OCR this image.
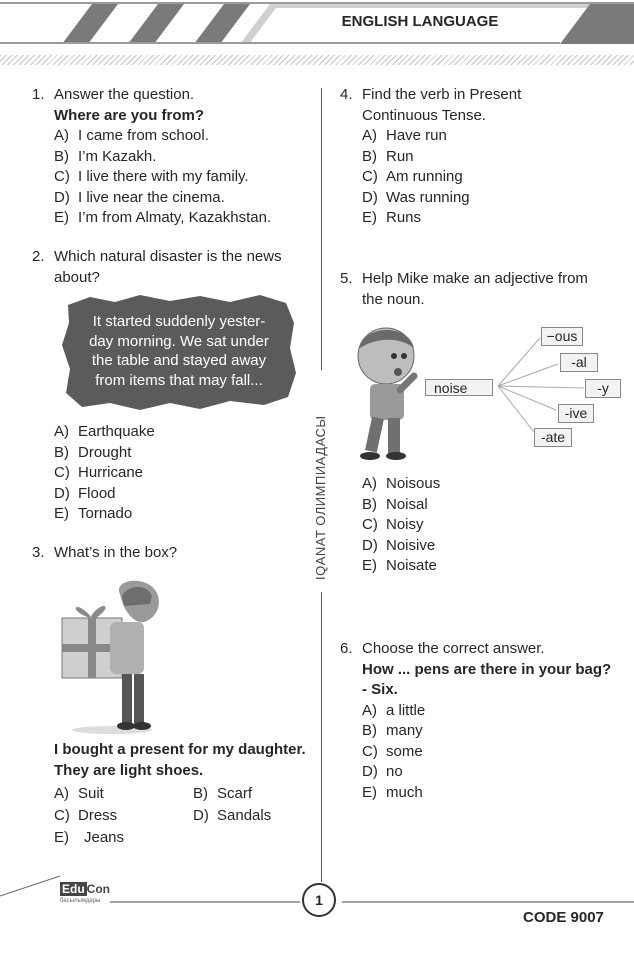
ENGLISH LANGUAGE
IQANAT ОЛИМПИАДАСЫ
1. Answer the question.
Where are you from?
A) I came from school.
B) I’m Kazakh.
C) I live there with my family.
D) I live near the cinema.
E) I’m from Almaty, Kazakhstan.
2. Which natural disaster is the news
about?
It started suddenly yester-
day morning. We sat under
the table and stayed away
from items that may fall...
A) Earthquake
B) Drought
C) Hurricane
D) Flood
E) Tornado
3. What’s in the box?
I bought a present for my daughter.
They are light shoes.
A) Suit	B) Scarf
C) Dress	D) Sandals
E) Jeans
4. Find the verb in Present
Continuous Tense.
A) Have run
B) Run
C) Am running
D) Was running
E) Runs
5. Help Mike make an adjective from
the noun.
noise
−ous
-al
-y
-ive
-ate
A) Noisous
B) Noisal
C) Noisy
D) Noisive
E) Noisate
6. Choose the correct answer.
How ... pens are there in your bag?
- Six.
A) a little
B) many
C) some
D) no
E) much
Edu Con
басылымдары	1
CODE 9007
